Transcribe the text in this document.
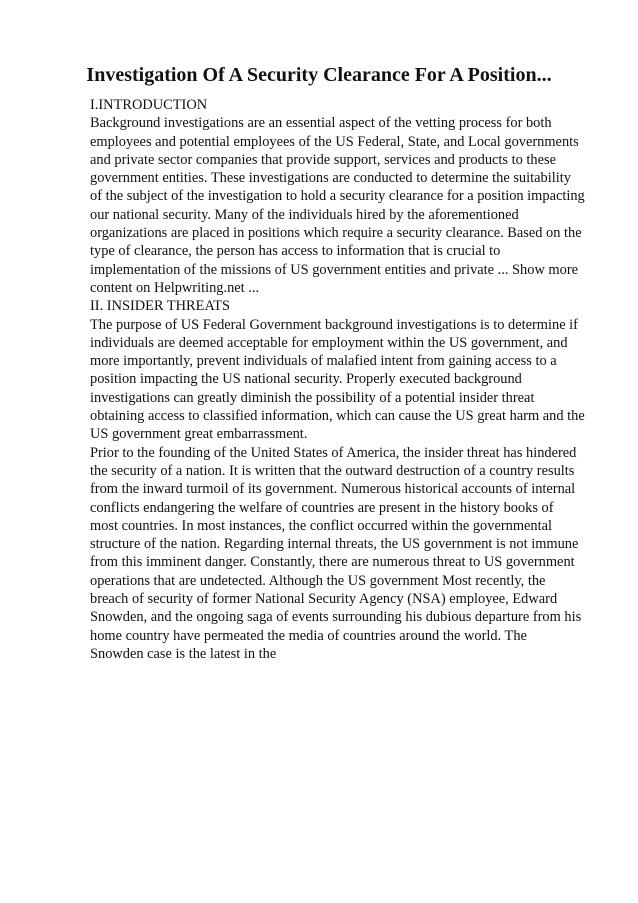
Investigation Of A Security Clearance For A Position...
I.INTRODUCTION
Background investigations are an essential aspect of the vetting process for both
employees and potential employees of the US Federal, State, and Local governments
and private sector companies that provide support, services and products to these
government entities. These investigations are conducted to determine the suitability
of the subject of the investigation to hold a security clearance for a position impacting
our national security. Many of the individuals hired by the aforementioned
organizations are placed in positions which require a security clearance. Based on the
type of clearance, the person has access to information that is crucial to
implementation of the missions of US government entities and private ... Show more
content on Helpwriting.net ...
II. INSIDER THREATS
The purpose of US Federal Government background investigations is to determine if
individuals are deemed acceptable for employment within the US government, and
more importantly, prevent individuals of malafied intent from gaining access to a
position impacting the US national security. Properly executed background
investigations can greatly diminish the possibility of a potential insider threat
obtaining access to classified information, which can cause the US great harm and the
US government great embarrassment.
Prior to the founding of the United States of America, the insider threat has hindered
the security of a nation. It is written that the outward destruction of a country results
from the inward turmoil of its government. Numerous historical accounts of internal
conflicts endangering the welfare of countries are present in the history books of
most countries. In most instances, the conflict occurred within the governmental
structure of the nation. Regarding internal threats, the US government is not immune
from this imminent danger. Constantly, there are numerous threat to US government
operations that are undetected. Although the US government Most recently, the
breach of security of former National Security Agency (NSA) employee, Edward
Snowden, and the ongoing saga of events surrounding his dubious departure from his
home country have permeated the media of countries around the world. The
Snowden case is the latest in the
